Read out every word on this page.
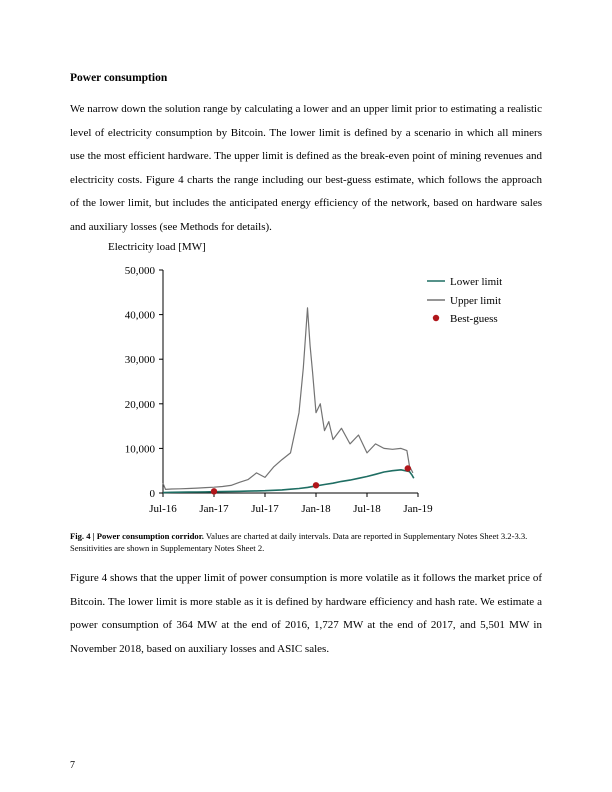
Power consumption

We narrow down the solution range by calculating a lower and an upper limit prior to estimating a realistic level of electricity consumption by Bitcoin. The lower limit is defined by a scenario in which all miners use the most efficient hardware. The upper limit is defined as the break-even point of mining revenues and electricity costs. Figure 4 charts the range including our best-guess estimate, which follows the approach of the lower limit, but includes the anticipated energy efficiency of the network, based on hardware sales and auxiliary losses (see Methods for details).

Electricity load [MW]
0
10,000
20,000
30,000
40,000
50,000
Jul-16 Jan-17 Jul-17 Jan-18 Jul-18 Jan-19
Lower limit
Upper limit
Best-guess

Fig. 4 | Power consumption corridor. Values are charted at daily intervals. Data are reported in Supplementary Notes Sheet 3.2-3.3. Sensitivities are shown in Supplementary Notes Sheet 2.

Figure 4 shows that the upper limit of power consumption is more volatile as it follows the market price of Bitcoin. The lower limit is more stable as it is defined by hardware efficiency and hash rate. We estimate a power consumption of 364 MW at the end of 2016, 1,727 MW at the end of 2017, and 5,501 MW in November 2018, based on auxiliary losses and ASIC sales.

7
